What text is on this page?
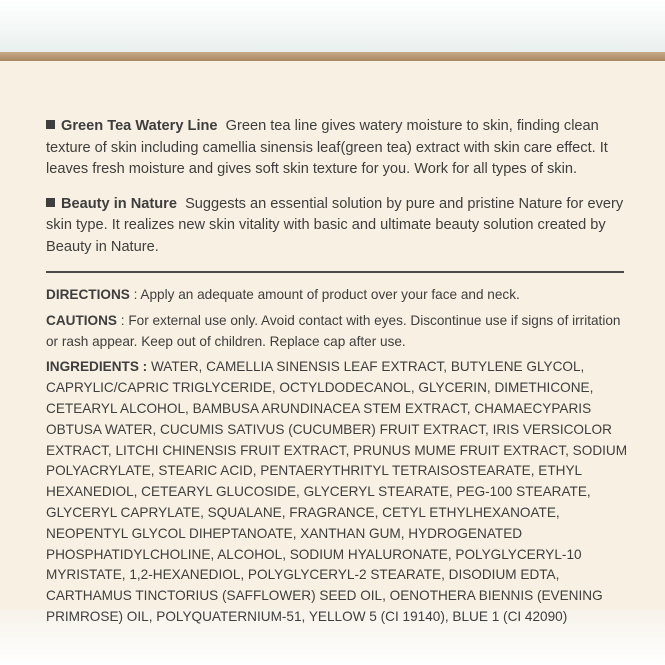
Green Tea Watery Line Green tea line gives watery moisture to skin, finding clean texture of skin including camellia sinensis leaf(green tea) extract with skin care effect. It leaves fresh moisture and gives soft skin texture for you. Work for all types of skin.

Beauty in Nature Suggests an essential solution by pure and pristine Nature for every skin type. It realizes new skin vitality with basic and ultimate beauty solution created by Beauty in Nature.

DIRECTIONS : Apply an adequate amount of product over your face and neck.

CAUTIONS : For external use only. Avoid contact with eyes. Discontinue use if signs of irritation or rash appear. Keep out of children. Replace cap after use.

INGREDIENTS : WATER, CAMELLIA SINENSIS LEAF EXTRACT, BUTYLENE GLYCOL, CAPRYLIC/CAPRIC TRIGLYCERIDE, OCTYLDODECANOL, GLYCERIN, DIMETHICONE, CETEARYL ALCOHOL, BAMBUSA ARUNDINACEA STEM EXTRACT, CHAMAECYPARIS OBTUSA WATER, CUCUMIS SATIVUS (CUCUMBER) FRUIT EXTRACT, IRIS VERSICOLOR EXTRACT, LITCHI CHINENSIS FRUIT EXTRACT, PRUNUS MUME FRUIT EXTRACT, SODIUM POLYACRYLATE, STEARIC ACID, PENTAERYTHRITYL TETRAISOSTEARATE, ETHYL HEXANEDIOL, CETEARYL GLUCOSIDE, GLYCERYL STEARATE, PEG-100 STEARATE, GLYCERYL CAPRYLATE, SQUALANE, FRAGRANCE, CETYL ETHYLHEXANOATE, NEOPENTYL GLYCOL DIHEPTANOATE, XANTHAN GUM, HYDROGENATED PHOSPHATIDYLCHOLINE, ALCOHOL, SODIUM HYALURONATE, POLYGLYCERYL-10 MYRISTATE, 1,2-HEXANEDIOL, POLYGLYCERYL-2 STEARATE, DISODIUM EDTA, CARTHAMUS TINCTORIUS (SAFFLOWER) SEED OIL, OENOTHERA BIENNIS (EVENING PRIMROSE) OIL, POLYQUATERNIUM-51, YELLOW 5 (CI 19140), BLUE 1 (CI 42090)
